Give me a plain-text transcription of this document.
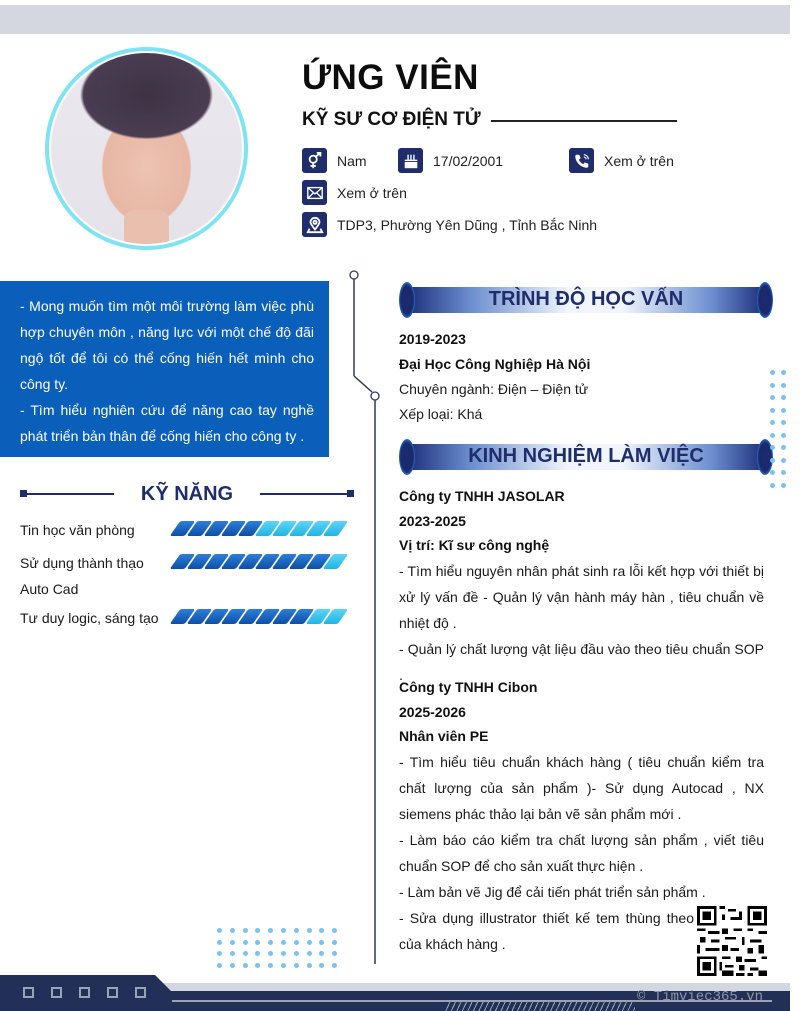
ỨNG VIÊN
KỸ SƯ CƠ ĐIỆN TỬ
Nam	17/02/2001	Xem ở trên
Xem ở trên
TDP3, Phường Yên Dũng , Tỉnh Bắc Ninh

- Mong muốn tìm một môi trường làm việc phù hợp chuyên môn , năng lực với một chế độ đãi ngộ tốt để tôi có thể cống hiến hết mình cho công ty.

- Tìm hiểu nghiên cứu để năng cao tay nghề phát triển bản thân để cống hiến cho công ty .

KỸ NĂNG
Tin học văn phòng
Sử dụng thành thạo Auto Cad
Tư duy logic, sáng tạo
TRÌNH ĐỘ HỌC VẤN
2019-2023
Đại Học Công Nghiệp Hà Nội
Chuyên ngành: Điện – Điện tử
Xếp loại: Khá
KINH NGHIỆM LÀM VIỆC
Công ty TNHH JASOLAR
2023-2025
Vị trí: Kĩ sư công nghệ
- Tìm hiểu nguyên nhân phát sinh ra lỗi kết hợp với thiết bị xử lý vấn đề - Quản lý vận hành máy hàn , tiêu chuẩn về nhiệt độ .
- Quản lý chất lượng vật liệu đầu vào theo tiêu chuẩn SOP .
Công ty TNHH Cibon
2025-2026
Nhân viên PE
- Tìm hiểu tiêu chuẩn khách hàng ( tiêu chuẩn kiểm tra chất lượng của sản phẩm )- Sử dụng Autocad , NX siemens phác thảo lại bản vẽ sản phẩm mới .
- Làm báo cáo kiểm tra chất lượng sản phẩm , viết tiêu chuẩn SOP để cho sản xuất thực hiện .
- Làm bản vẽ Jig để cải tiến phát triển sản phẩm .
- Sửa dụng illustrator thiết kế tem thùng theo của khách hàng .
© Timviec365.vn
